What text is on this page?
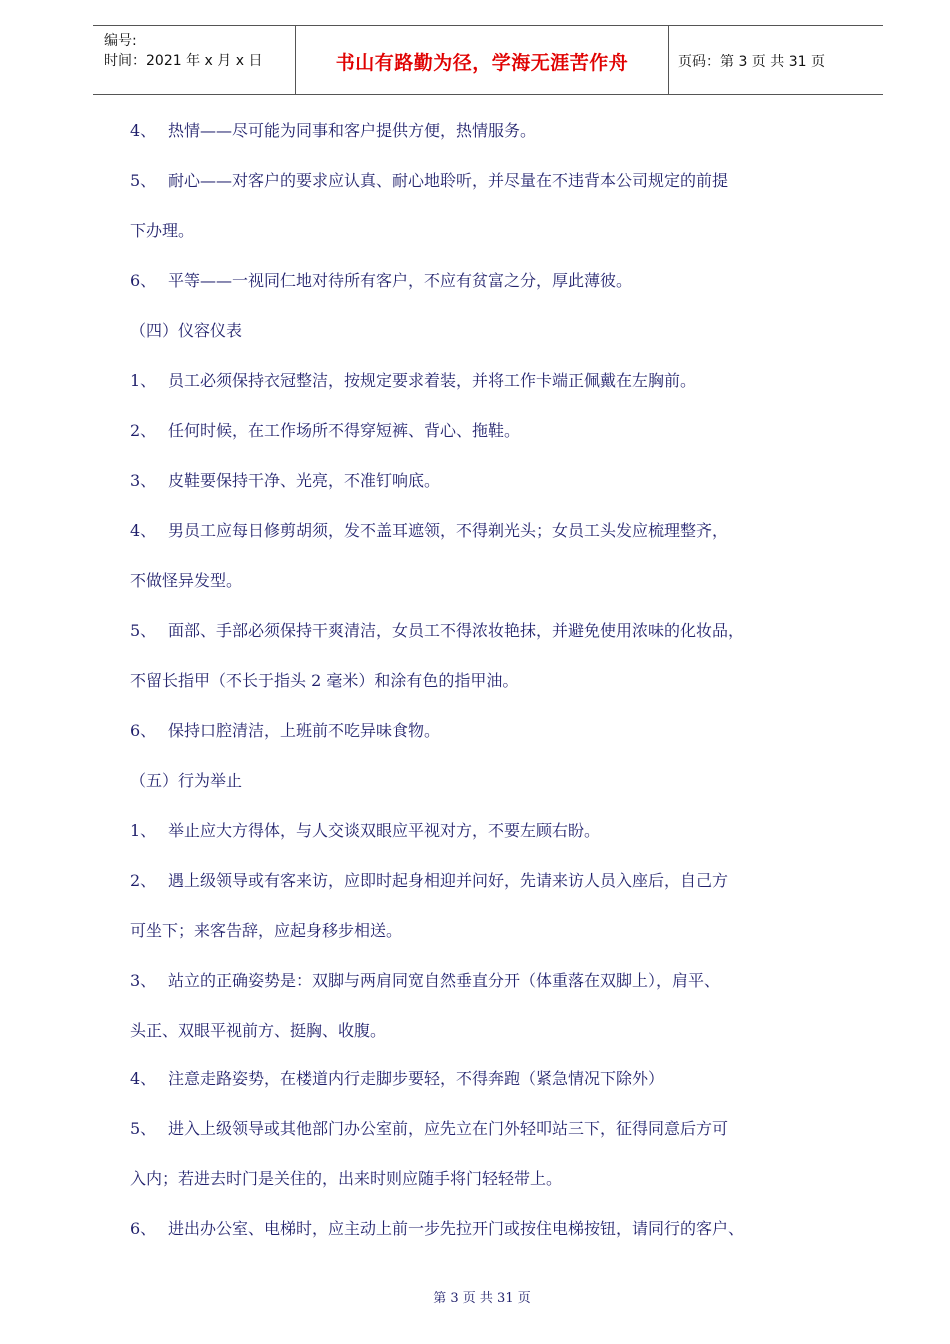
编号:
时间：2021 年 x 月 x 日	书山有路勤为径，学海无涯苦作舟	页码：第 3 页 共 31 页
4、 热情——尽可能为同事和客户提供方便，热情服务。
5、 耐心——对客户的要求应认真、耐心地聆听，并尽量在不违背本公司规定的前提
下办理。
6、 平等——一视同仁地对待所有客户，不应有贫富之分，厚此薄彼。
（四）仪容仪表
1、 员工必须保持衣冠整洁，按规定要求着装，并将工作卡端正佩戴在左胸前。
2、 任何时候，在工作场所不得穿短裤、背心、拖鞋。
3、 皮鞋要保持干净、光亮，不准钉响底。
4、 男员工应每日修剪胡须，发不盖耳遮领，不得剃光头；女员工头发应梳理整齐，
不做怪异发型。
5、 面部、手部必须保持干爽清洁，女员工不得浓妆艳抹，并避免使用浓味的化妆品，
不留长指甲（不长于指头 2 毫米）和涂有色的指甲油。
6、 保持口腔清洁，上班前不吃异味食物。
（五）行为举止
1、 举止应大方得体，与人交谈双眼应平视对方，不要左顾右盼。
2、 遇上级领导或有客来访，应即时起身相迎并问好，先请来访人员入座后，自己方
可坐下；来客告辞，应起身移步相送。
3、 站立的正确姿势是：双脚与两肩同宽自然垂直分开（体重落在双脚上），肩平、
头正、双眼平视前方、挺胸、收腹。
4、 注意走路姿势，在楼道内行走脚步要轻，不得奔跑（紧急情况下除外）
5、 进入上级领导或其他部门办公室前，应先立在门外轻叩站三下，征得同意后方可
入内；若进去时门是关住的，出来时则应随手将门轻轻带上。
6、 进出办公室、电梯时，应主动上前一步先拉开门或按住电梯按钮，请同行的客户、
第 3 页 共 31 页
